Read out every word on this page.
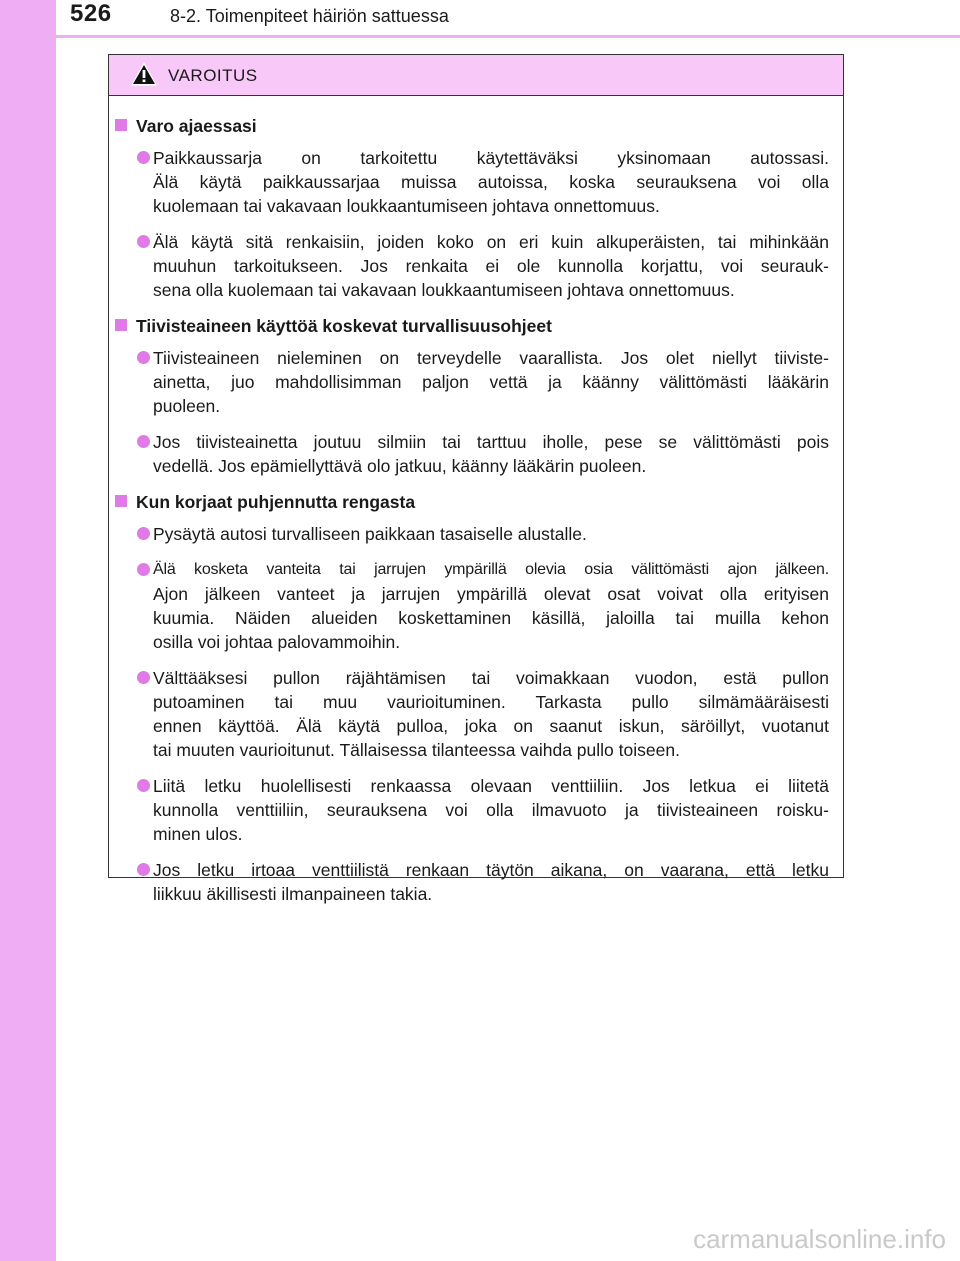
526	8-2. Toimenpiteet häiriön sattuessa
VAROITUS
Varo ajaessasi
Paikkaussarja on tarkoitettu käytettäväksi yksinomaan autossasi.
Älä käytä paikkaussarjaa muissa autoissa, koska seurauksena voi olla
kuolemaan tai vakavaan loukkaantumiseen johtava onnettomuus.
Älä käytä sitä renkaisiin, joiden koko on eri kuin alkuperäisten, tai mihinkään
muuhun tarkoitukseen. Jos renkaita ei ole kunnolla korjattu, voi seurauk-
sena olla kuolemaan tai vakavaan loukkaantumiseen johtava onnettomuus.
Tiivisteaineen käyttöä koskevat turvallisuusohjeet
Tiivisteaineen nieleminen on terveydelle vaarallista. Jos olet niellyt tiiviste-
ainetta, juo mahdollisimman paljon vettä ja käänny välittömästi lääkärin
puoleen.
Jos tiivisteainetta joutuu silmiin tai tarttuu iholle, pese se välittömästi pois
vedellä. Jos epämiellyttävä olo jatkuu, käänny lääkärin puoleen.
Kun korjaat puhjennutta rengasta
Pysäytä autosi turvalliseen paikkaan tasaiselle alustalle.
Älä kosketa vanteita tai jarrujen ympärillä olevia osia välittömästi ajon jälkeen.
Ajon jälkeen vanteet ja jarrujen ympärillä olevat osat voivat olla erityisen
kuumia. Näiden alueiden koskettaminen käsillä, jaloilla tai muilla kehon
osilla voi johtaa palovammoihin.
Välttääksesi pullon räjähtämisen tai voimakkaan vuodon, estä pullon
putoaminen tai muu vaurioituminen. Tarkasta pullo silmämääräisesti
ennen käyttöä. Älä käytä pulloa, joka on saanut iskun, säröillyt, vuotanut
tai muuten vaurioitunut. Tällaisessa tilanteessa vaihda pullo toiseen.
Liitä letku huolellisesti renkaassa olevaan venttiiliin. Jos letkua ei liitetä
kunnolla venttiiliin, seurauksena voi olla ilmavuoto ja tiivisteaineen roisku-
minen ulos.
Jos letku irtoaa venttiilistä renkaan täytön aikana, on vaarana, että letku
liikkuu äkillisesti ilmanpaineen takia.
carmanualsonline.info
